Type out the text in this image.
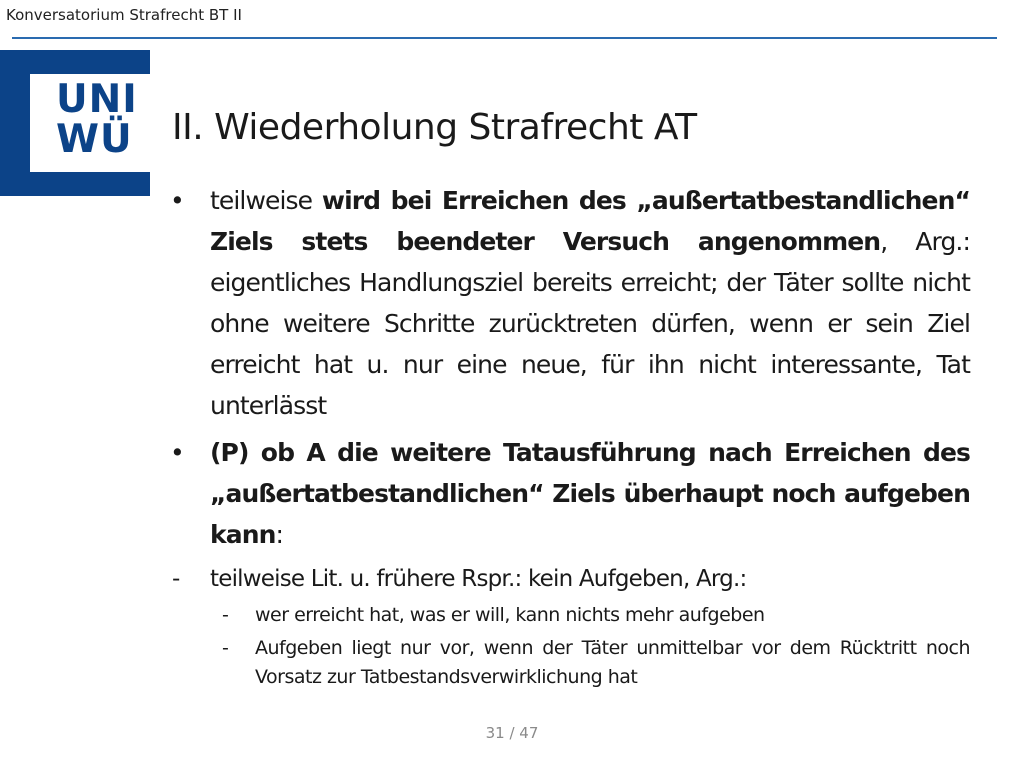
Konversatorium Strafrecht BT II
UNI
WÜ II. Wiederholung Strafrecht AT
• teilweise wird bei Erreichen des „außertatbestandlichen“ Ziels stets beendeter Versuch angenommen, Arg.: eigentliches Handlungsziel bereits erreicht; der Täter sollte nicht ohne weitere Schritte zurücktreten dürfen, wenn er sein Ziel erreicht hat u. nur eine neue, für ihn nicht interessante, Tat unterlässt
• (P) ob A die weitere Tatausführung nach Erreichen des „außertatbestandlichen“ Ziels überhaupt noch aufgeben kann:
- teilweise Lit. u. frühere Rspr.: kein Aufgeben, Arg.:
- wer erreicht hat, was er will, kann nichts mehr aufgeben
- Aufgeben liegt nur vor, wenn der Täter unmittelbar vor dem Rücktritt noch Vorsatz zur Tatbestandsverwirklichung hat
31 / 47
